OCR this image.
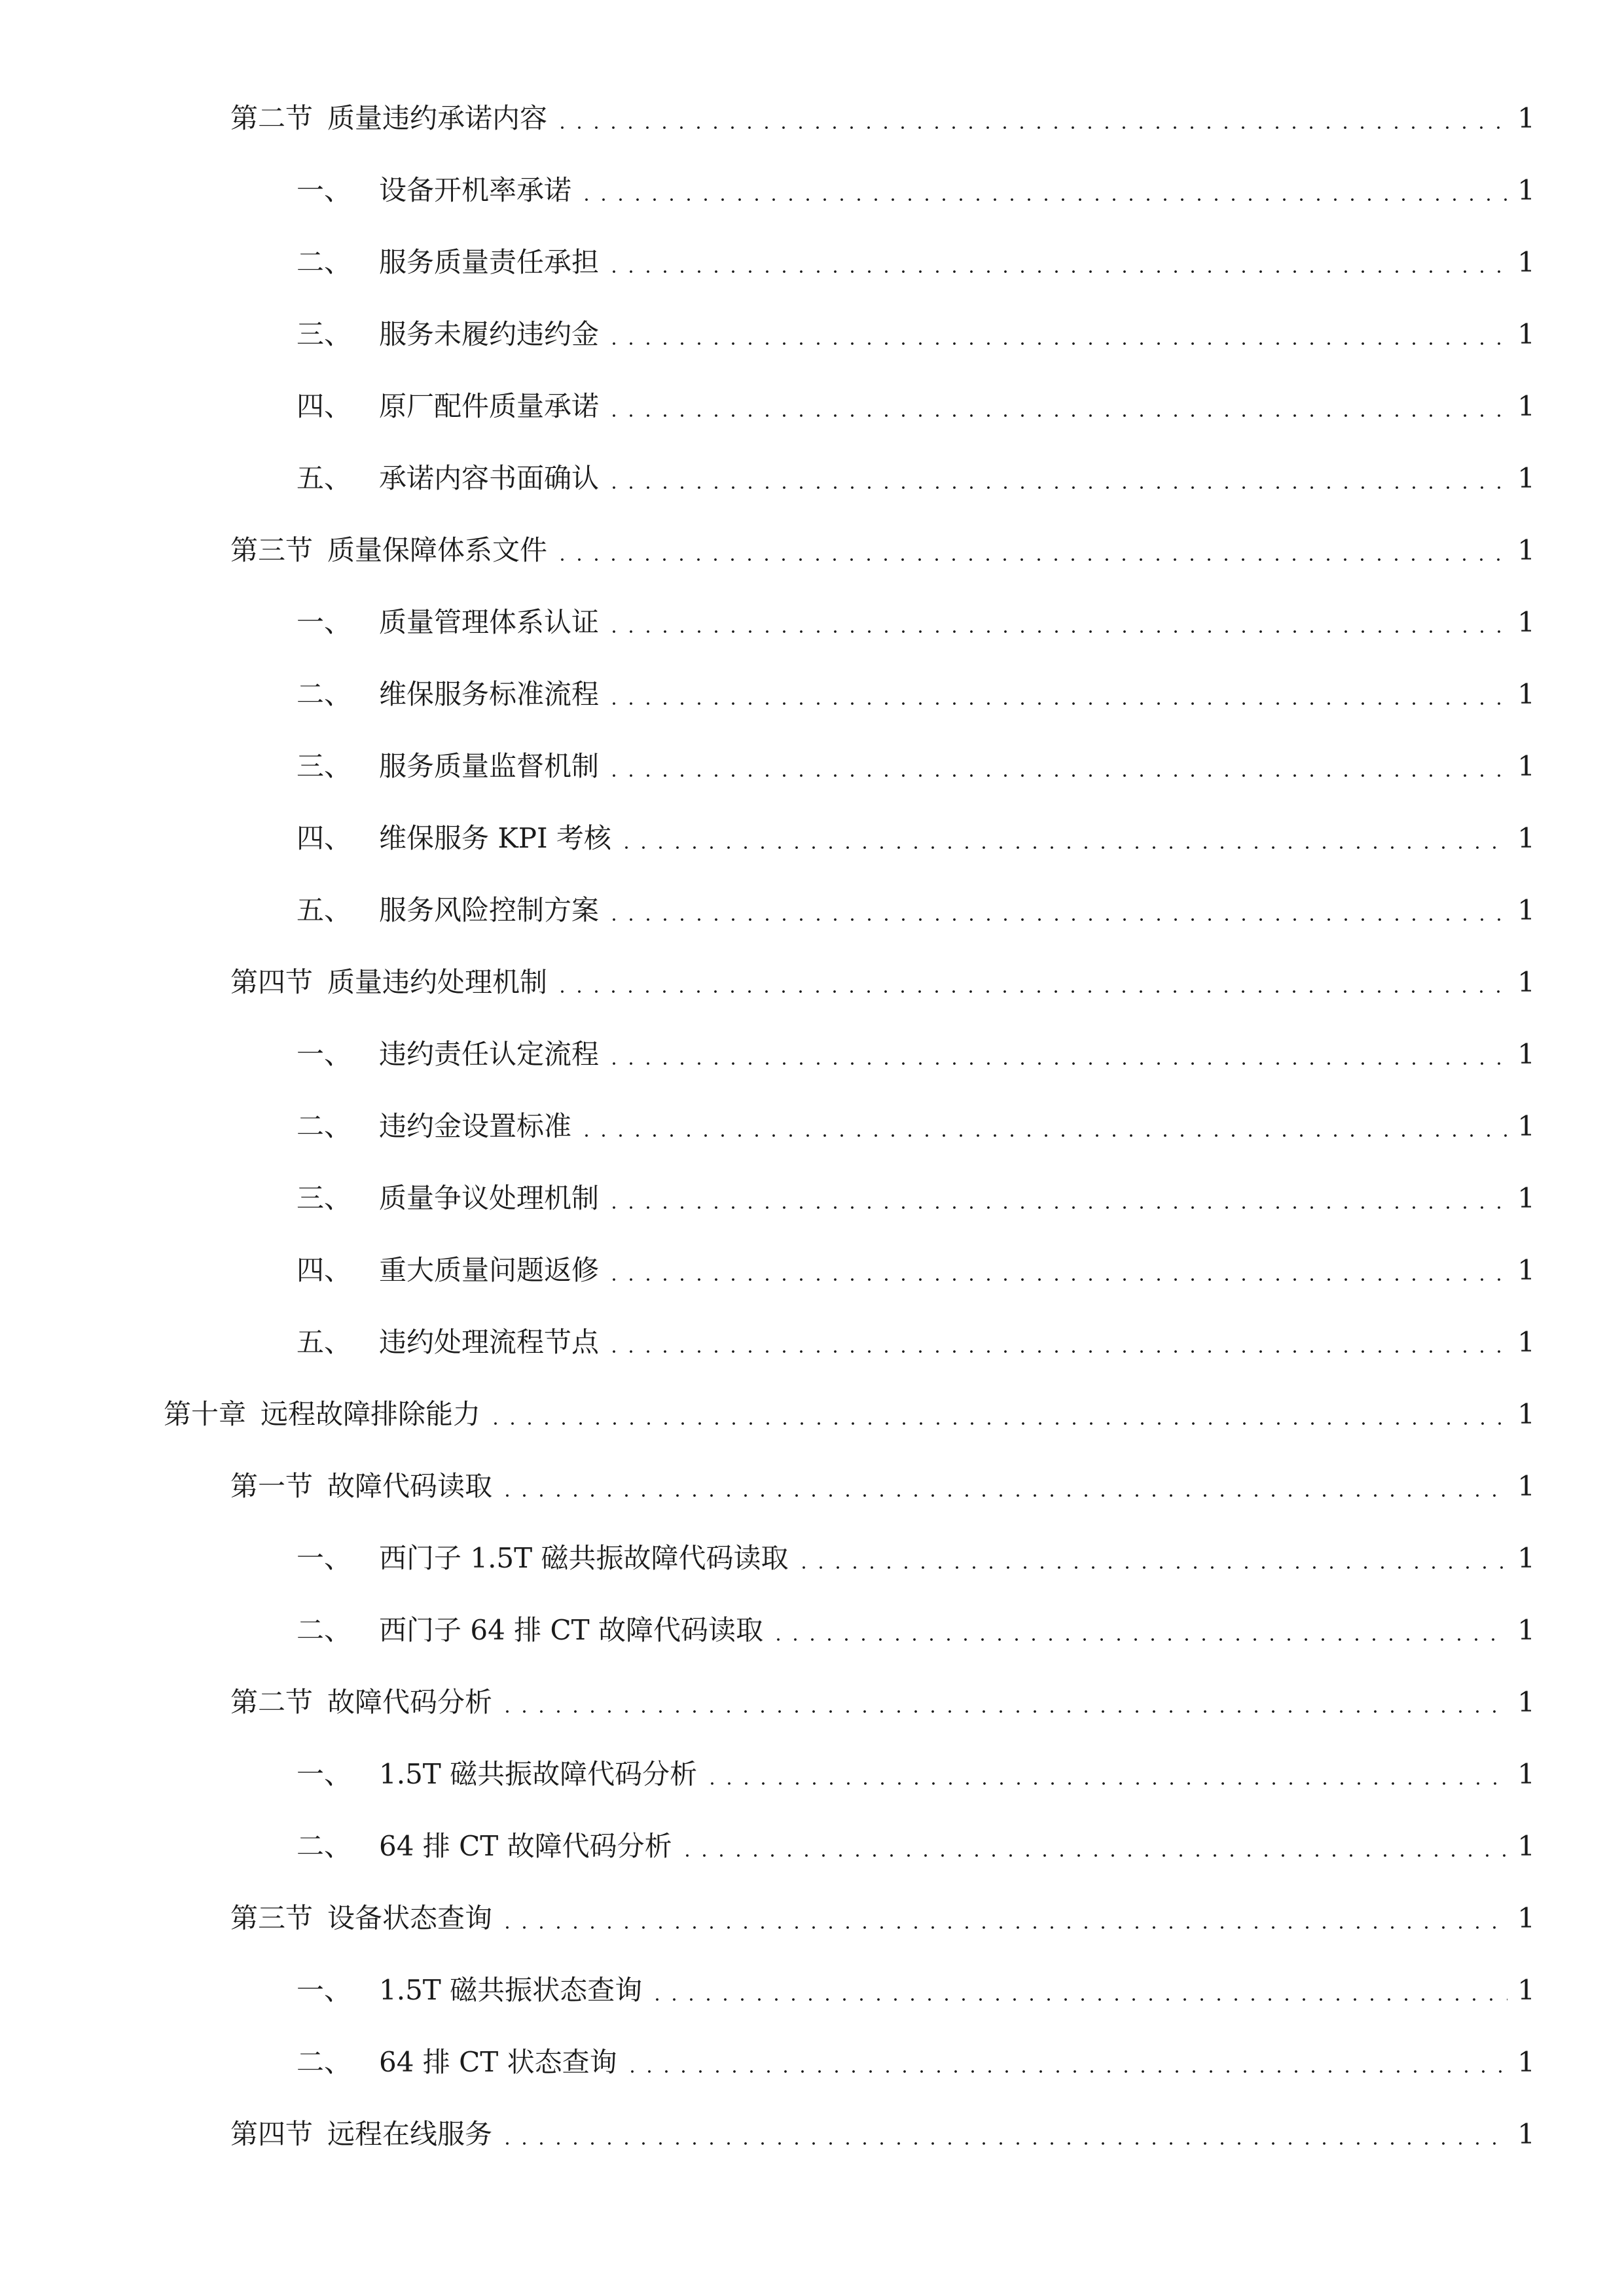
第二节 质量违约承诺内容	1
一、 设备开机率承诺	1
二、 服务质量责任承担	1
三、 服务未履约违约金	1
四、 原厂配件质量承诺	1
五、 承诺内容书面确认	1
第三节 质量保障体系文件	1
一、 质量管理体系认证	1
二、 维保服务标准流程	1
三、 服务质量监督机制	1
四、 维保服务 KPI 考核	1
五、 服务风险控制方案	1
第四节 质量违约处理机制	1
一、 违约责任认定流程	1
二、 违约金设置标准	1
三、 质量争议处理机制	1
四、 重大质量问题返修	1
五、 违约处理流程节点	1
第十章 远程故障排除能力	1
第一节 故障代码读取	1
一、 西门子 1.5T 磁共振故障代码读取	1
二、 西门子 64 排 CT 故障代码读取	1
第二节 故障代码分析	1
一、 1.5T 磁共振故障代码分析	1
二、 64 排 CT 故障代码分析	1
第三节 设备状态查询	1
一、 1.5T 磁共振状态查询	1
二、 64 排 CT 状态查询	1
第四节 远程在线服务	1
